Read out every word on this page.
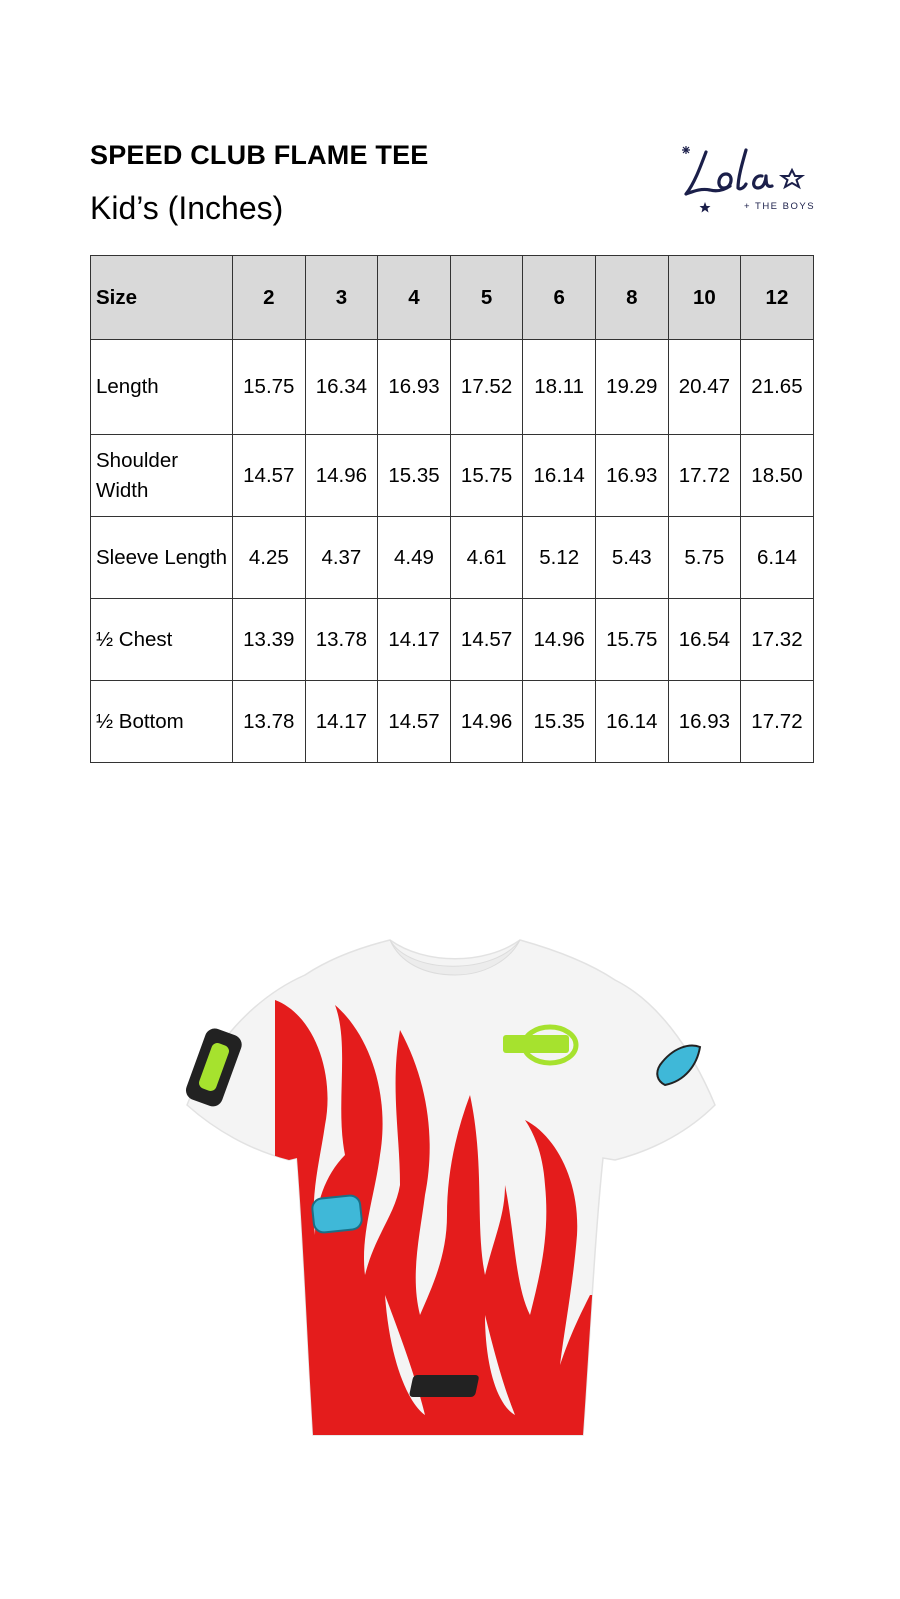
SPEED CLUB FLAME TEE
Kid’s (Inches)	+ THE BOYS
Size	2	3	4	5	6	8	10	12
Length	15.75	16.34	16.93	17.52	18.11	19.29	20.47	21.65
Shoulder Width	14.57	14.96	15.35	15.75	16.14	16.93	17.72	18.50
Sleeve Length	4.25	4.37	4.49	4.61	5.12	5.43	5.75	6.14
½ Chest	13.39	13.78	14.17	14.57	14.96	15.75	16.54	17.32
½ Bottom	13.78	14.17	14.57	14.96	15.35	16.14	16.93	17.72
